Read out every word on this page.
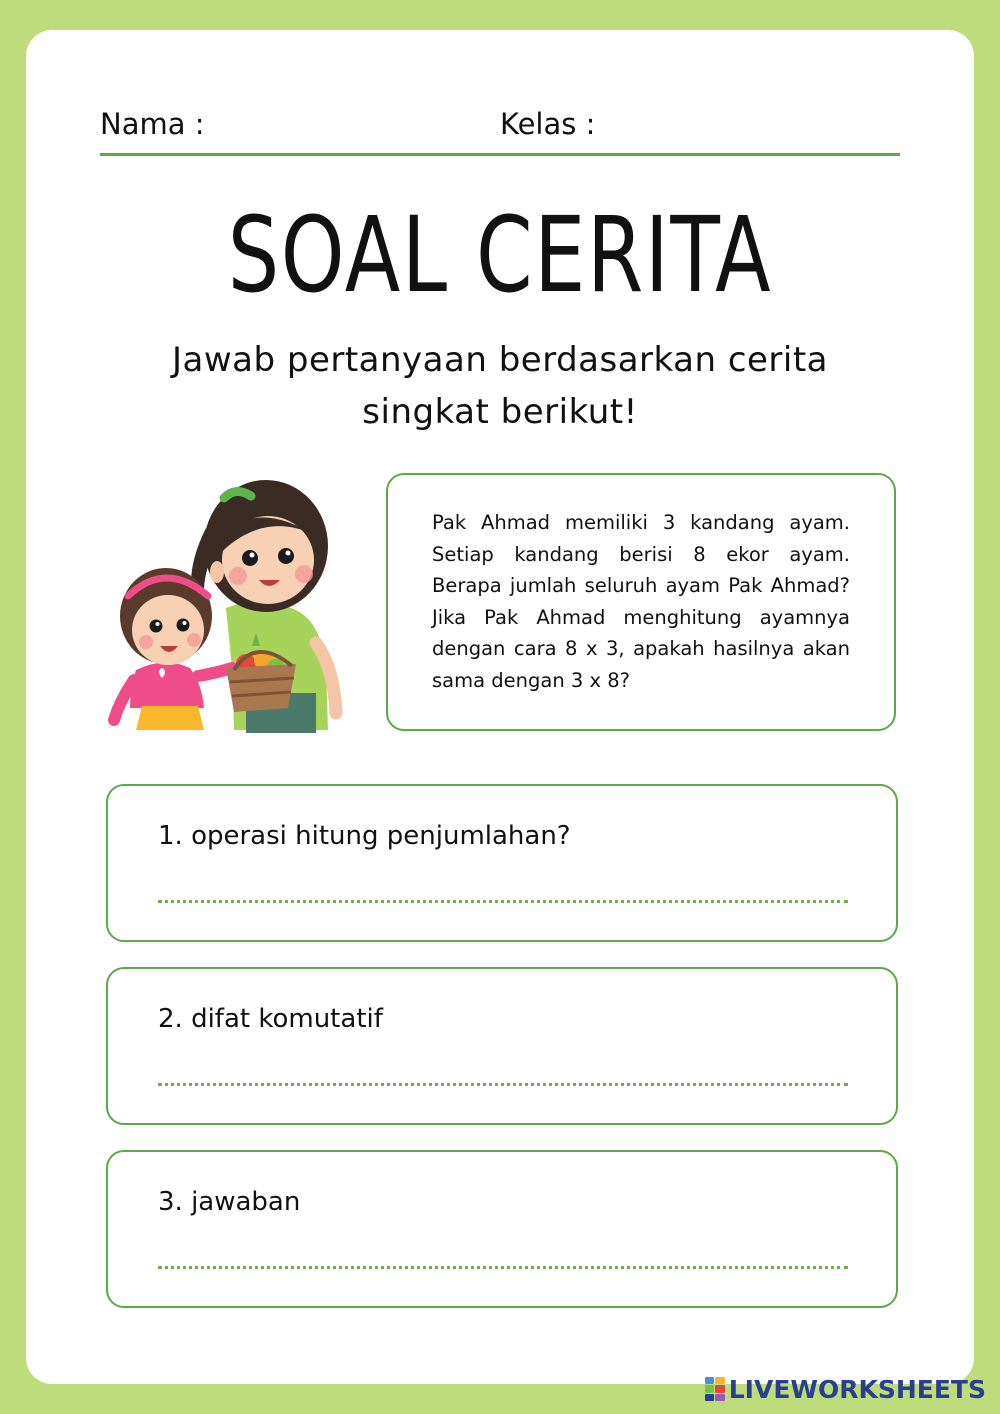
Nama :	Kelas :
SOAL CERITA
Jawab pertanyaan berdasarkan cerita singkat berikut!
Pak Ahmad memiliki 3 kandang ayam. Setiap kandang berisi 8 ekor ayam. Berapa jumlah seluruh ayam Pak Ahmad? Jika Pak Ahmad menghitung ayamnya dengan cara 8 x 3, apakah hasilnya akan sama dengan 3 x 8?
1. operasi hitung penjumlahan?
2. difat komutatif
3. jawaban
LIVEWORKSHEETS
